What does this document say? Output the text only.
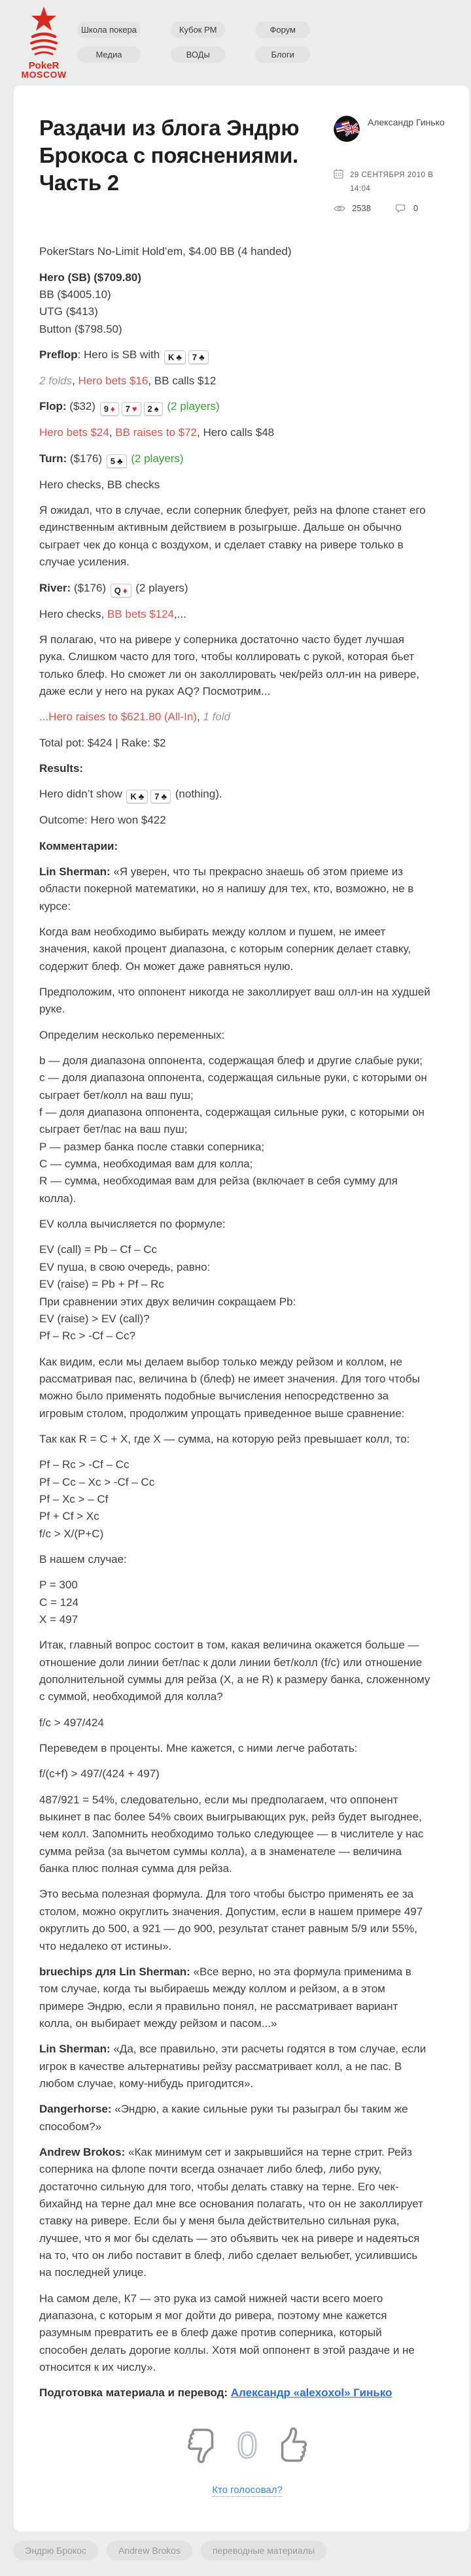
PokeR
MOSCOW
Школа покера	Кубок РМ	Форум
Медиа	ВОДы	Блоги
Раздачи из блога Эндрю Брокоса с пояснениями. Часть 2
Александр Гинько
29 СЕНТЯБРЯ 2010 В 14:04
2538	0

PokerStars No-Limit Hold’em, $4.00 BB (4 handed)

Hero (SB) ($709.80)
BB ($4005.10)
UTG ($413)
Button ($798.50)

Preflop: Hero is SB with K ♣ 7 ♣

2 folds, Hero bets $16, BB calls $12

Flop: ($32) 9 ♦ 7 ♥ 2 ♠ (2 players)

Hero bets $24, BB raises to $72, Hero calls $48

Turn: ($176) 5 ♣ (2 players)

Hero checks, BB checks

Я ожидал, что в случае, если соперник блефует, рейз на флопе станет его единственным активным действием в розыгрыше. Дальше он обычно сыграет чек до конца с воздухом, и сделает ставку на ривере только в случае усиления.

River: ($176) Q ♦ (2 players)

Hero checks, BB bets $124,...

Я полагаю, что на ривере у соперника достаточно часто будет лучшая рука. Слишком часто для того, чтобы коллировать с рукой, которая бьет только блеф. Но сможет ли он заколлировать чек/рейз олл-ин на ривере, даже если у него на руках AQ? Посмотрим...

...Hero raises to $621.80 (All-In), 1 fold

Total pot: $424 | Rake: $2

Results:

Hero didn’t show K ♣ 7 ♣ (nothing).

Outcome: Hero won $422

Комментарии:

Lin Sherman: «Я уверен, что ты прекрасно знаешь об этом приеме из области покерной математики, но я напишу для тех, кто, возможно, не в курсе:

Когда вам необходимо выбирать между коллом и пушем, не имеет значения, какой процент диапазона, с которым соперник делает ставку, содержит блеф. Он может даже равняться нулю.

Предположим, что оппонент никогда не заколлирует ваш олл-ин на худшей руке.

Определим несколько переменных:

b — доля диапазона оппонента, содержащая блеф и другие слабые руки;
с — доля диапазона оппонента, содержащая сильные руки, с которыми он сыграет бет/колл на ваш пуш;
f — доля диапазона оппонента, содержащая сильные руки, с которыми он сыграет бет/пас на ваш пуш;
P — размер банка после ставки соперника;
C — сумма, необходимая вам для колла;
R — сумма, необходимая вам для рейза (включает в себя сумму для колла).

EV колла вычисляется по формуле:

EV (call) = Pb – Cf – Cc
EV пуша, в свою очередь, равно:
EV (raise) = Pb + Pf – Rc
При сравнении этих двух величин сокращаем Pb:
EV (raise) > EV (call)?
Pf – Rc > -Cf – Cc?

Как видим, если мы делаем выбор только между рейзом и коллом, не рассматривая пас, величина b (блеф) не имеет значения. Для того чтобы можно было применять подобные вычисления непосредственно за игровым столом, продолжим упрощать приведенное выше сравнение:

Так как R = C + X, где X — сумма, на которую рейз превышает колл, то:

Pf – Rc > -Cf – Cc
Pf – Cc – Xc > -Cf – Cc
Pf – Xc > – Cf
Pf + Cf > Xc
f/c > X/(P+C)

В нашем случае:

P = 300
C = 124
X = 497

Итак, главный вопрос состоит в том, какая величина окажется больше — отношение доли линии бет/пас к доли линии бет/колл (f/c) или отношение дополнительной суммы для рейза (X, а не R) к размеру банка, сложенному с суммой, необходимой для колла?

f/c > 497/424

Переведем в проценты. Мне кажется, с ними легче работать:

f/(c+f) > 497/(424 + 497)

487/921 = 54%, следовательно, если мы предполагаем, что оппонент выкинет в пас более 54% своих выигрывающих рук, рейз будет выгоднее, чем колл. Запомнить необходимо только следующее — в числителе у нас сумма рейза (за вычетом суммы колла), а в знаменателе — величина банка плюс полная сумма для рейза.

Это весьма полезная формула. Для того чтобы быстро применять ее за столом, можно округлить значения. Допустим, если в нашем примере 497 округлить до 500, а 921 — до 900, результат станет равным 5/9 или 55%, что недалеко от истины».

bruechips для Lin Sherman: «Все верно, но эта формула применима в том случае, когда ты выбираешь между коллом и рейзом, а в этом примере Эндрю, если я правильно понял, не рассматривает вариант колла, он выбирает между рейзом и пасом...»

Lin Sherman: «Да, все правильно, эти расчеты годятся в том случае, если игрок в качестве альтернативы рейзу рассматривает колл, а не пас. В любом случае, кому-нибудь пригодится».

Dangerhorse: «Эндрю, а какие сильные руки ты разыграл бы таким же способом?»

Andrew Brokos: «Как минимум сет и закрывшийся на терне стрит. Рейз соперника на флопе почти всегда означает либо блеф, либо руку, достаточно сильную для того, чтобы делать ставку на терне. Его чек-бихайнд на терне дал мне все основания полагать, что он не заколлирует ставку на ривере. Если бы у меня была действительно сильная рука, лучшее, что я мог бы сделать — это объявить чек на ривере и надеяться на то, что он либо поставит в блеф, либо сделает вельюбет, усилившись на последней улице.

На самом деле, К7 — это рука из самой нижней части всего моего диапазона, с которым я мог дойти до ривера, поэтому мне кажется разумным превратить ее в блеф даже против соперника, который способен делать дорогие коллы. Хотя мой оппонент в этой раздаче и не относится к их числу».

Подготовка материала и перевод: Александр «alexoxol» Гинько

0
Кто голосовал?
Эндрю Брокос	Andrew Brokos	переводные материалы
